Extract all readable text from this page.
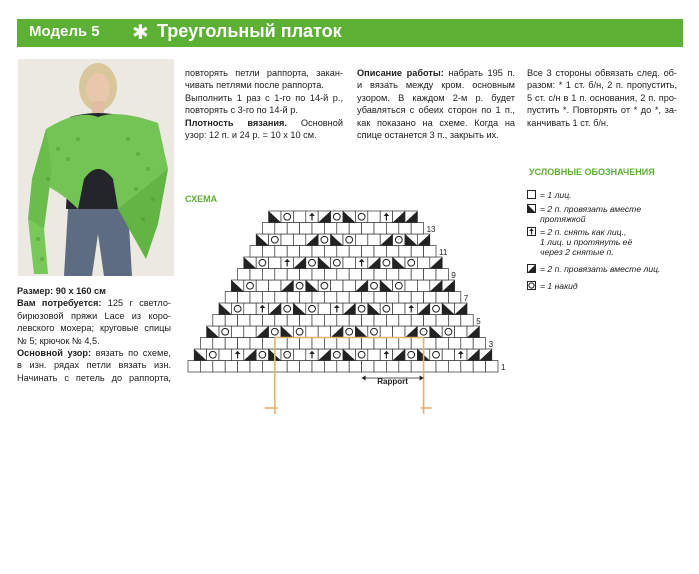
Модель 5 ✱ Треугольный платок
Размер: 90 х 160 см
Вам потребуется: 125 г светло-
бирюзовой пряжи Lace из коро-
левского мохера; круговые спицы
№ 5; крючок № 4,5.
Основной узор: вязать по схеме,
в изн. рядах петли вязать изн.
Начинать с петель до раппорта,
повторять петли раппорта, закан-
чивать петлями после раппорта.
Выполнить 1 раз с 1-го по 14-й р.,
повторять с 3-го по 14-й р.
Плотность вязания. Основной
узор: 12 п. и 24 р. = 10 х 10 см.
Описание работы: набрать 195 п.
и вязать между кром. основным
узором. В каждом 2-м р. будет
убавляться с обеих сторон по 1 п.,
как показано на схеме. Когда на
спице останется 3 п., закрыть их.
Все 3 стороны обвязать след. об-
разом: * 1 ст. б/н, 2 п. пропустить,
5 ст. с/н в 1 п. основания, 2 п. про-
пустить *. Повторять от * до *, за-
канчивать 1 ст. б/н.
УСЛОВНЫЕ ОБОЗНАЧЕНИЯ
= 1 лиц.
= 2 п. провязать вместе
протяжкой
= 2 п. снять как лиц.,
1 лиц. и протянуть её
через 2 снятые п.
= 2 п. провязать вместе лиц.
= 1 накид
СХЕМА
1
3
5
7
9
11
13
Rapport
